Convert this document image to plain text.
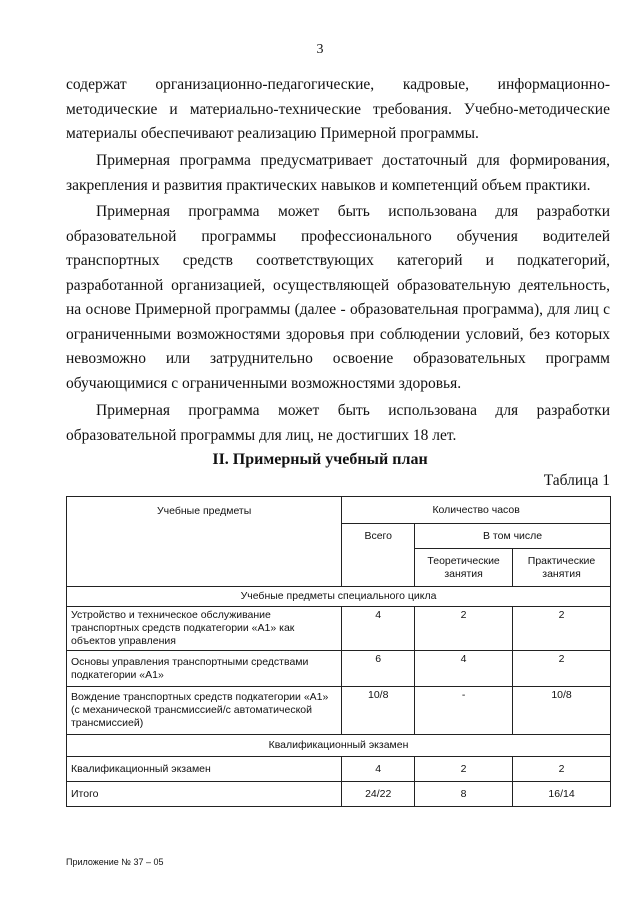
3

содержат организационно-педагогические, кадровые, информационно-методические и материально-технические требования. Учебно-методические материалы обеспечивают реализацию Примерной программы.

Примерная программа предусматривает достаточный для формирования, закрепления и развития практических навыков и компетенций объем практики.

Примерная программа может быть использована для разработки образовательной программы профессионального обучения водителей транспортных средств соответствующих категорий и подкатегорий, разработанной организацией, осуществляющей образовательную деятельность, на основе Примерной программы (далее - образовательная программа), для лиц с ограниченными возможностями здоровья при соблюдении условий, без которых невозможно или затруднительно освоение образовательных программ обучающимися с ограниченными возможностями здоровья.

Примерная программа может быть использована для разработки образовательной программы для лиц, не достигших 18 лет.

II. Примерный учебный план
Таблица 1
Учебные предметы	Количество часов		
	Всего	В том числе	
		Теоретические занятия	Практические занятия
Учебные предметы специального цикла			
Устройство и техническое обслуживание транспортных средств подкатегории «А1» как объектов управления	4	2	2
Основы управления транспортными средствами подкатегории «А1»	6	4	2
Вождение транспортных средств подкатегории «А1» (с механической трансмиссией/с автоматической трансмиссией)	10/8	-	10/8
Квалификационный экзамен			
Квалификационный экзамен	4	2	2
Итого	24/22	8	16/14
Приложение № 37 – 05
